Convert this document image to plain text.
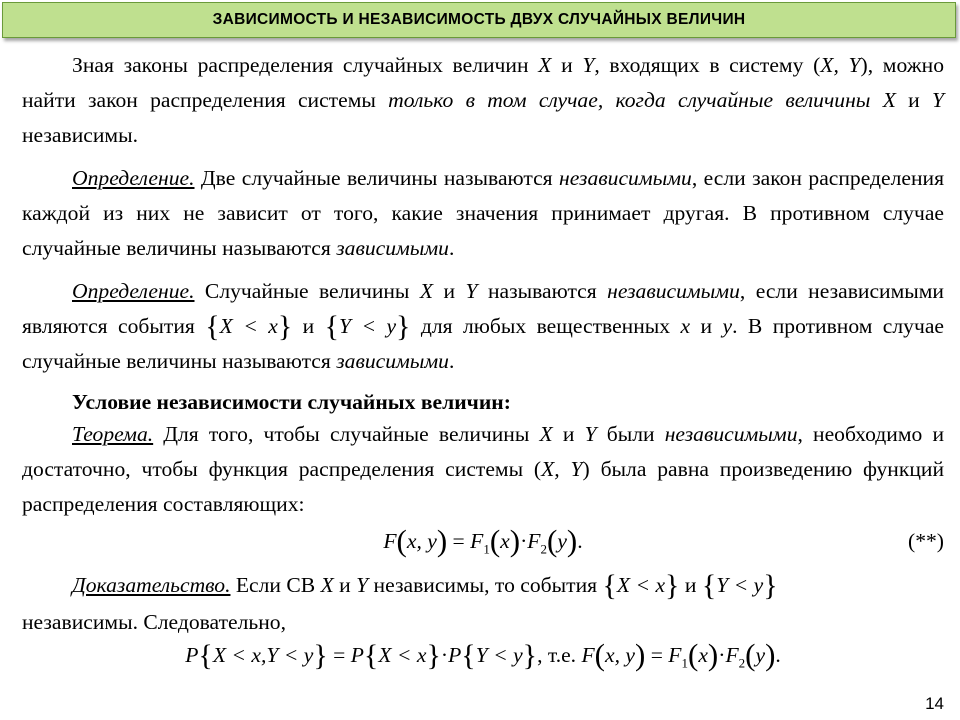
ЗАВИСИМОСТЬ И НЕЗАВИСИМОСТЬ ДВУХ СЛУЧАЙНЫХ ВЕЛИЧИН

Зная законы распределения случайных величин X и Y, входящих в систему (X, Y), можно найти закон распределения системы только в том случае, когда случайные величины X и Y независимы.

Определение. Две случайные величины называются независимыми, если закон распределения каждой из них не зависит от того, какие значения принимает другая. В противном случае случайные величины называются зависимыми.

Определение. Случайные величины X и Y называются независимыми, если независимыми являются события {X < x} и {Y < y} для любых вещественных x и y. В противном случае случайные величины называются зависимыми.

Условие независимости случайных величин:

Теорема. Для того, чтобы случайные величины X и Y были независимыми, необходимо и достаточно, чтобы функция распределения системы (X, Y) была равна произведению функций распределения составляющих:

F(x, $y) = F_1(x)\cdot F_2(y)$.	(**)

Доказательство. Если СВ X и Y независимы, то события {X < x} и {Y < y}

независимы. Следовательно,
P{X < x,Y < y} = P{X < x}·P{Y < y}, т.е. F(x, $y) = F_1(x)\cdot F_2(y)$.
14
